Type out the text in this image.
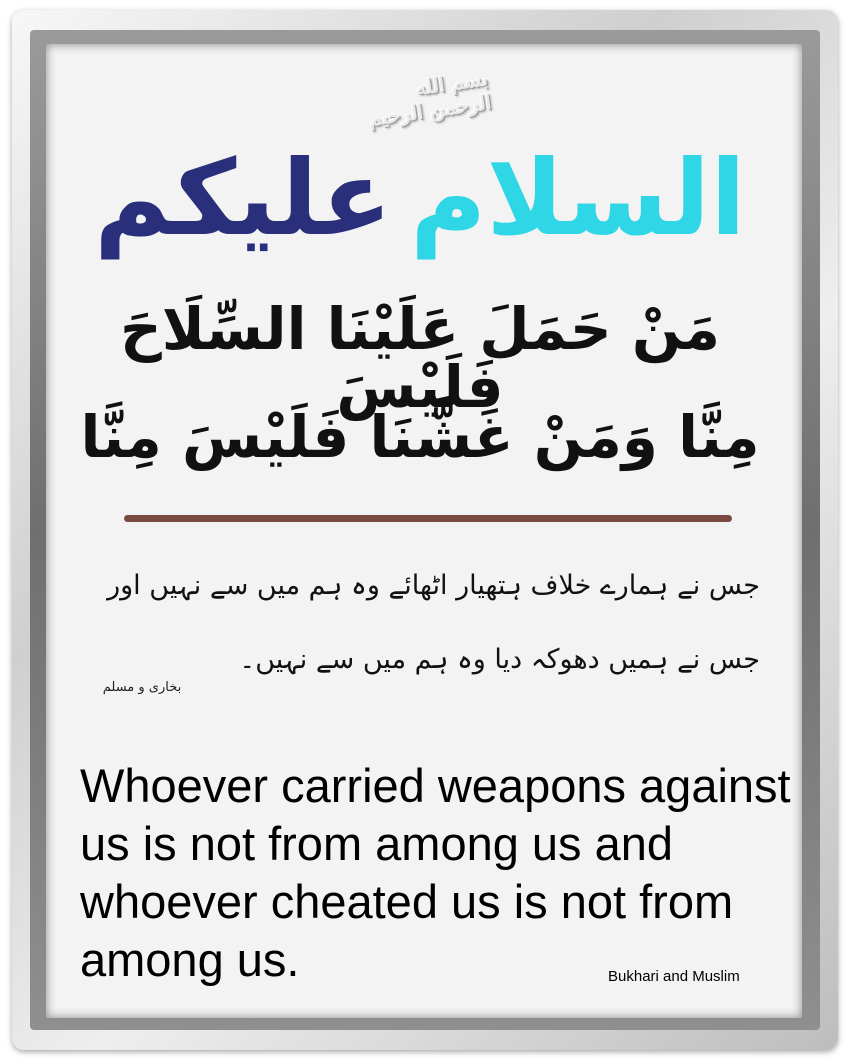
بسم الله الرحمن الرحيم
السلام
علیکم
مَنْ حَمَلَ عَلَيْنَا السِّلَاحَ فَلَيْسَ
مِنَّا وَمَنْ غَشَّنَا فَلَيْسَ مِنَّا
جس نے ہمارے خلاف ہتھیار اٹھائے وہ ہم میں سے نہیں اور
جس نے ہمیں دھوکہ دیا وہ ہم میں سے نہیں۔
بخاری و مسلم

Whoever carried weapons against us is not from among us and whoever cheated us is not from among us.	Bukhari and Muslim
